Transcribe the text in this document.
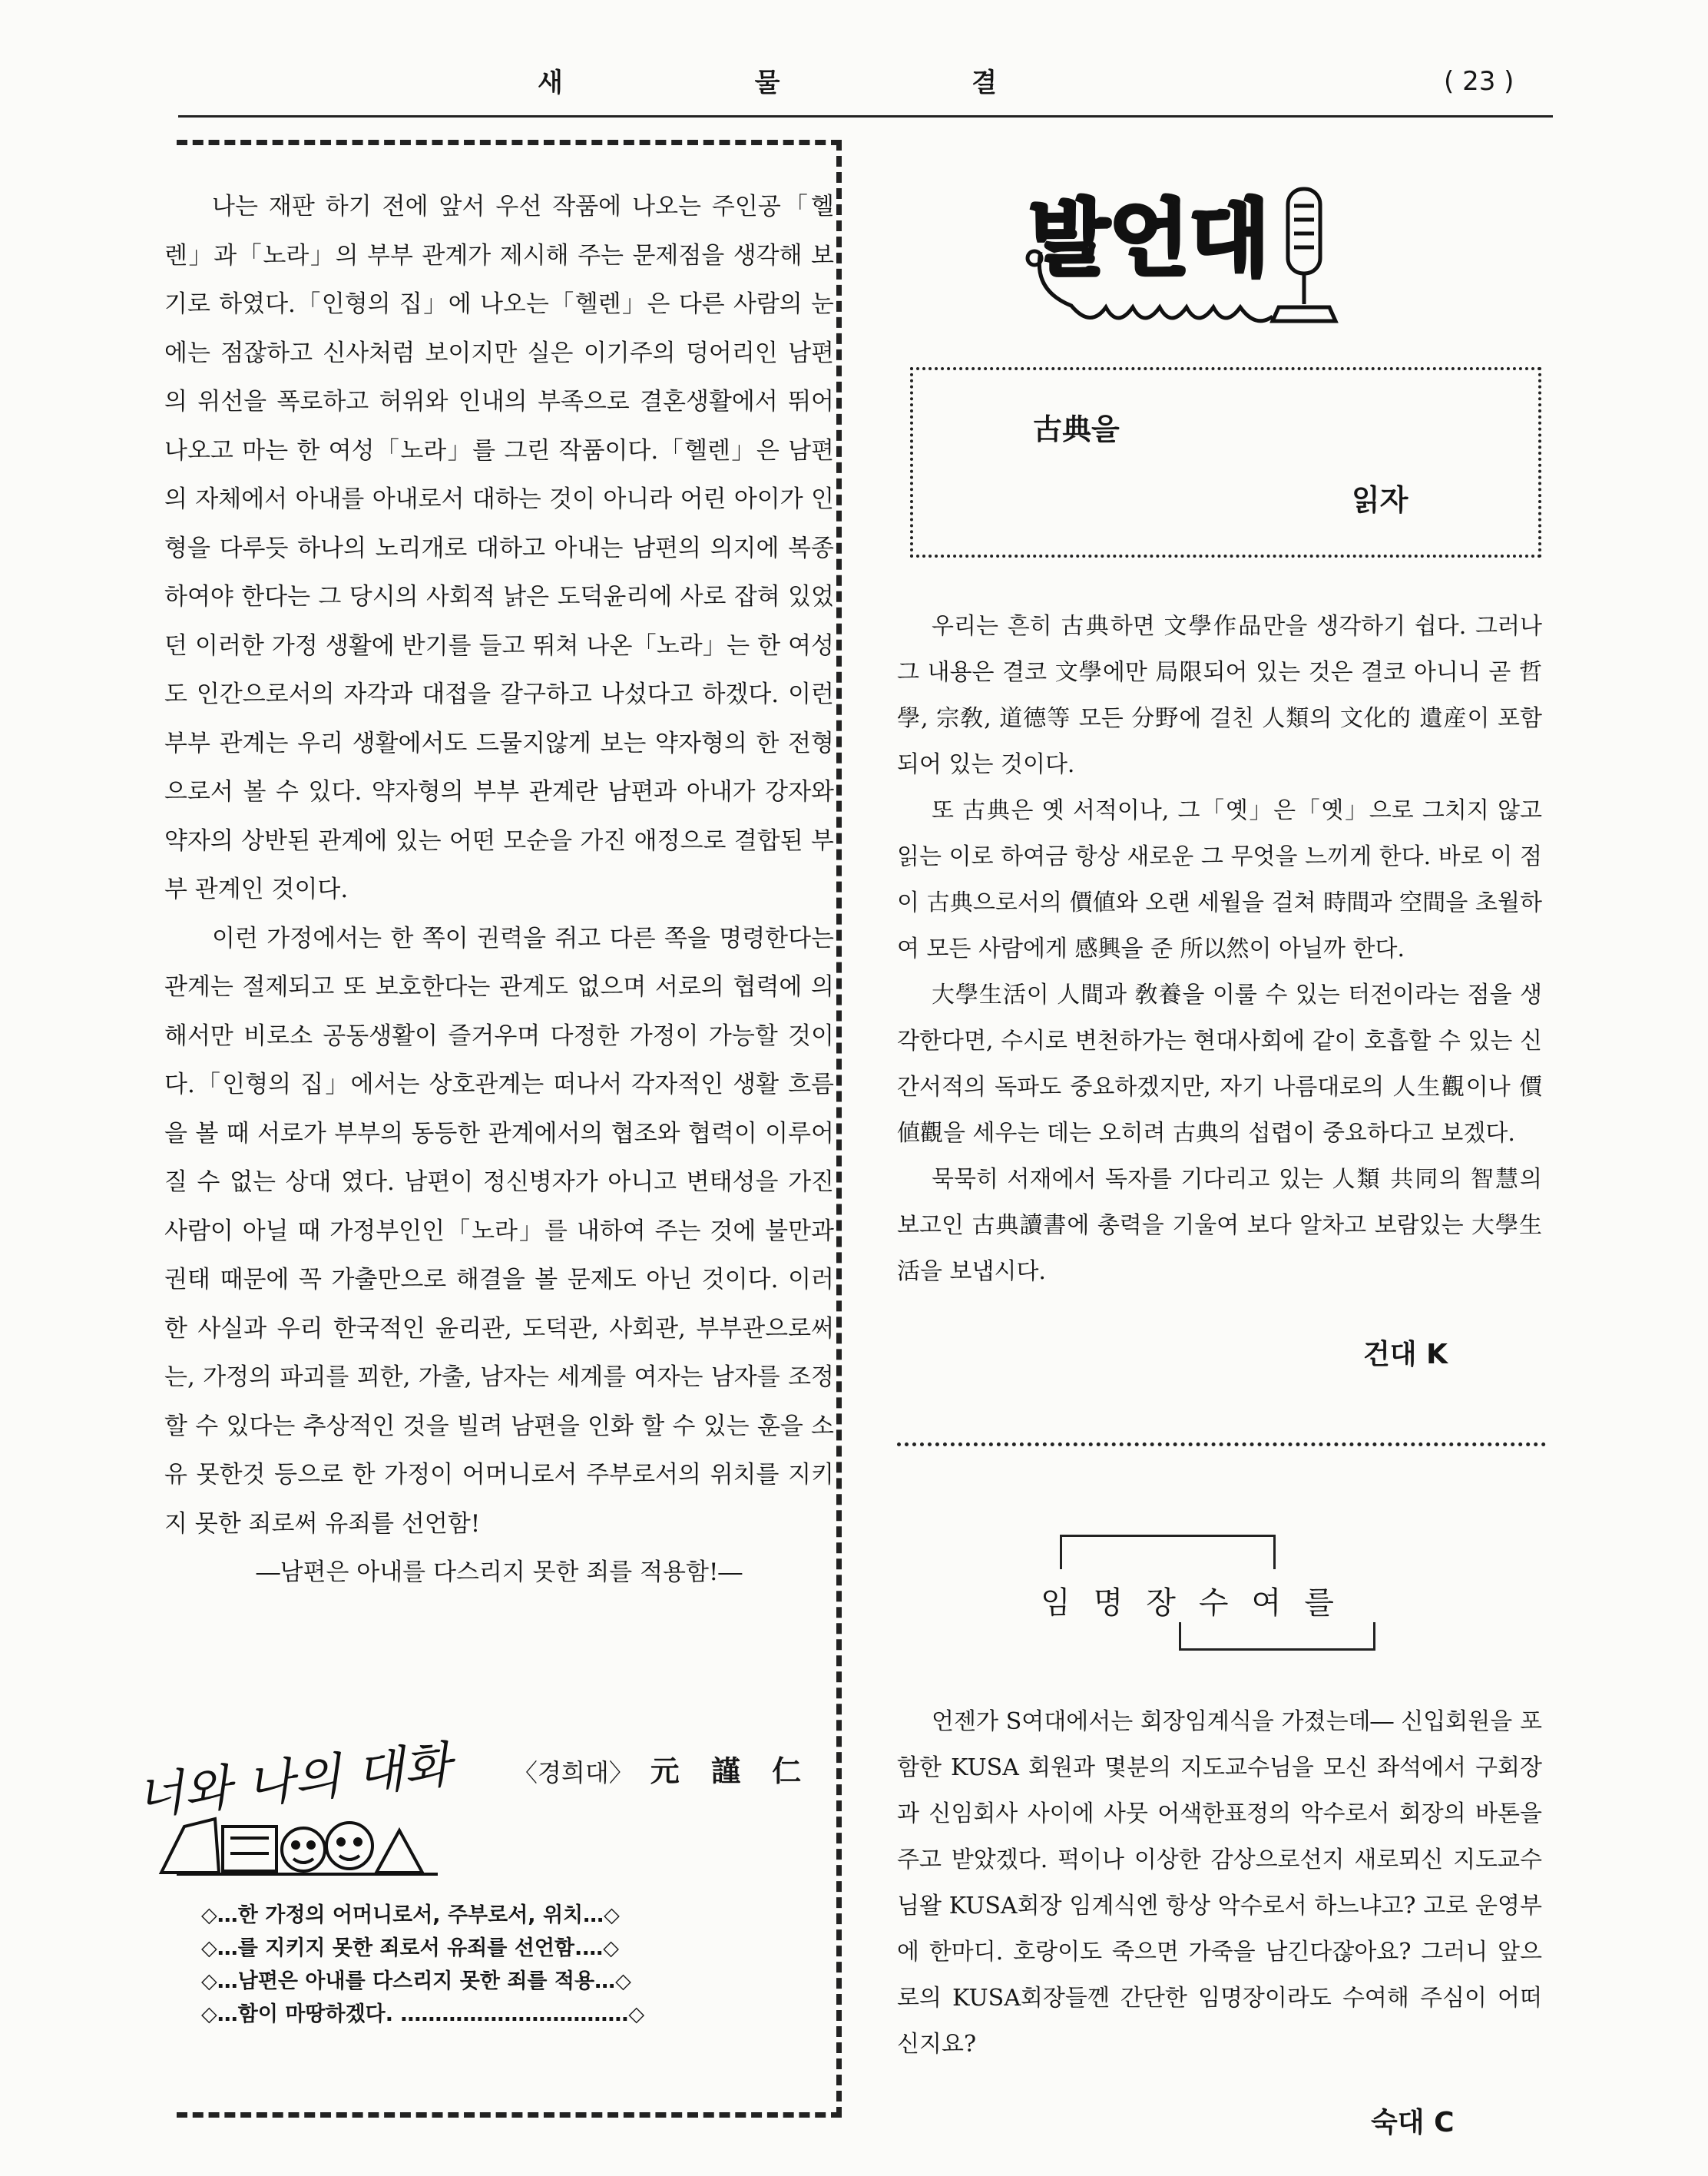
새	물	결	( 23 )

나는 재판 하기 전에 앞서 우선 작품에 나오는 주인공「헬렌」과「노라」의 부부 관계가 제시해 주는 문제점을 생각해 보기로 하였다.「인형의 집」에 나오는「헬렌」은 다른 사람의 눈에는 점잖하고 신사처럼 보이지만 실은 이기주의 덩어리인 남편의 위선을 폭로하고 허위와 인내의 부족으로 결혼생활에서 뛰어 나오고 마는 한 여성「노라」를 그린 작품이다.「헬렌」은 남편의 자체에서 아내를 아내로서 대하는 것이 아니라 어린 아이가 인형을 다루듯 하나의 노리개로 대하고 아내는 남편의 의지에 복종 하여야 한다는 그 당시의 사회적 낡은 도덕윤리에 사로 잡혀 있었던 이러한 가정 생활에 반기를 들고 뛰쳐 나온「노라」는 한 여성도 인간으로서의 자각과 대접을 갈구하고 나섰다고 하겠다. 이런 부부 관계는 우리 생활에서도 드물지않게 보는 약자형의 한 전형으로서 볼 수 있다. 약자형의 부부 관계란 남편과 아내가 강자와 약자의 상반된 관계에 있는 어떤 모순을 가진 애정으로 결합된 부부 관계인 것이다.

이런 가정에서는 한 쪽이 권력을 쥐고 다른 쪽을 명령한다는 관계는 절제되고 또 보호한다는 관계도 없으며 서로의 협력에 의해서만 비로소 공동생활이 즐거우며 다정한 가정이 가능할 것이다.「인형의 집」에서는 상호관계는 떠나서 각자적인 생활 흐름을 볼 때 서로가 부부의 동등한 관계에서의 협조와 협력이 이루어 질 수 없는 상대 였다. 남편이 정신병자가 아니고 변태성을 가진 사람이 아닐 때 가정부인인「노라」를 내하여 주는 것에 불만과 권태 때문에 꼭 가출만으로 해결을 볼 문제도 아닌 것이다. 이러한 사실과 우리 한국적인 윤리관, 도덕관, 사회관, 부부관으로써는, 가정의 파괴를 꾀한, 가출, 남자는 세계를 여자는 남자를 조정 할 수 있다는 추상적인 것을 빌려 남편을 인화 할 수 있는 훈을 소유 못한것 등으로 한 가정이 어머니로서 주부로서의 위치를 지키지 못한 죄로써 유죄를 선언함!

―남편은 아내를 다스리지 못한 죄를 적용함!―

너와 나의 대화 〈경희대〉 元 謹 仁
◇…한 가정의 어머니로서, 주부로서, 위치…◇
◇…를 지키지 못한 죄로서 유죄를 선언함.…◇
◇…남편은 아내를 다스리지 못한 죄를 적용…◇
◇…함이 마땅하겠다. ……………………………◇
발언대
古典을
읽자

우리는 흔히 古典하면 文學作品만을 생각하기 쉽다. 그러나 그 내용은 결코 文學에만 局限되어 있는 것은 결코 아니니 곧 哲學, 宗敎, 道德等 모든 分野에 걸친 人類의 文化的 遺産이 포함되어 있는 것이다.

또 古典은 옛 서적이나, 그「옛」은「옛」으로 그치지 않고 읽는 이로 하여금 항상 새로운 그 무엇을 느끼게 한다. 바로 이 점이 古典으로서의 價値와 오랜 세월을 걸쳐 時間과 空間을 초월하여 모든 사람에게 感興을 준 所以然이 아닐까 한다.

大學生活이 人間과 敎養을 이룰 수 있는 터전이라는 점을 생각한다면, 수시로 변천하가는 현대사회에 같이 호흡할 수 있는 신간서적의 독파도 중요하겠지만, 자기 나름대로의 人生觀이나 價値觀을 세우는 데는 오히려 古典의 섭렵이 중요하다고 보겠다.

묵묵히 서재에서 독자를 기다리고 있는 人類 共同의 智慧의 보고인 古典讀書에 총력을 기울여 보다 알차고 보람있는 大學生活을 보냅시다.

건대 K
임명장수여를

언젠가 S여대에서는 회장임계식을 가졌는데― 신입회원을 포함한 KUSA 회원과 몇분의 지도교수님을 모신 좌석에서 구회장과 신임회사 사이에 사뭇 어색한표정의 악수로서 회장의 바톤을 주고 받았겠다. 퍽이나 이상한 감상으로선지 새로뫼신 지도교수님왈 KUSA회장 임계식엔 항상 악수로서 하느냐고? 고로 운영부에 한마디. 호랑이도 죽으면 가죽을 남긴다잖아요? 그러니 앞으로의 KUSA회장들껜 간단한 임명장이라도 수여해 주심이 어떠신지요?

숙대 C
